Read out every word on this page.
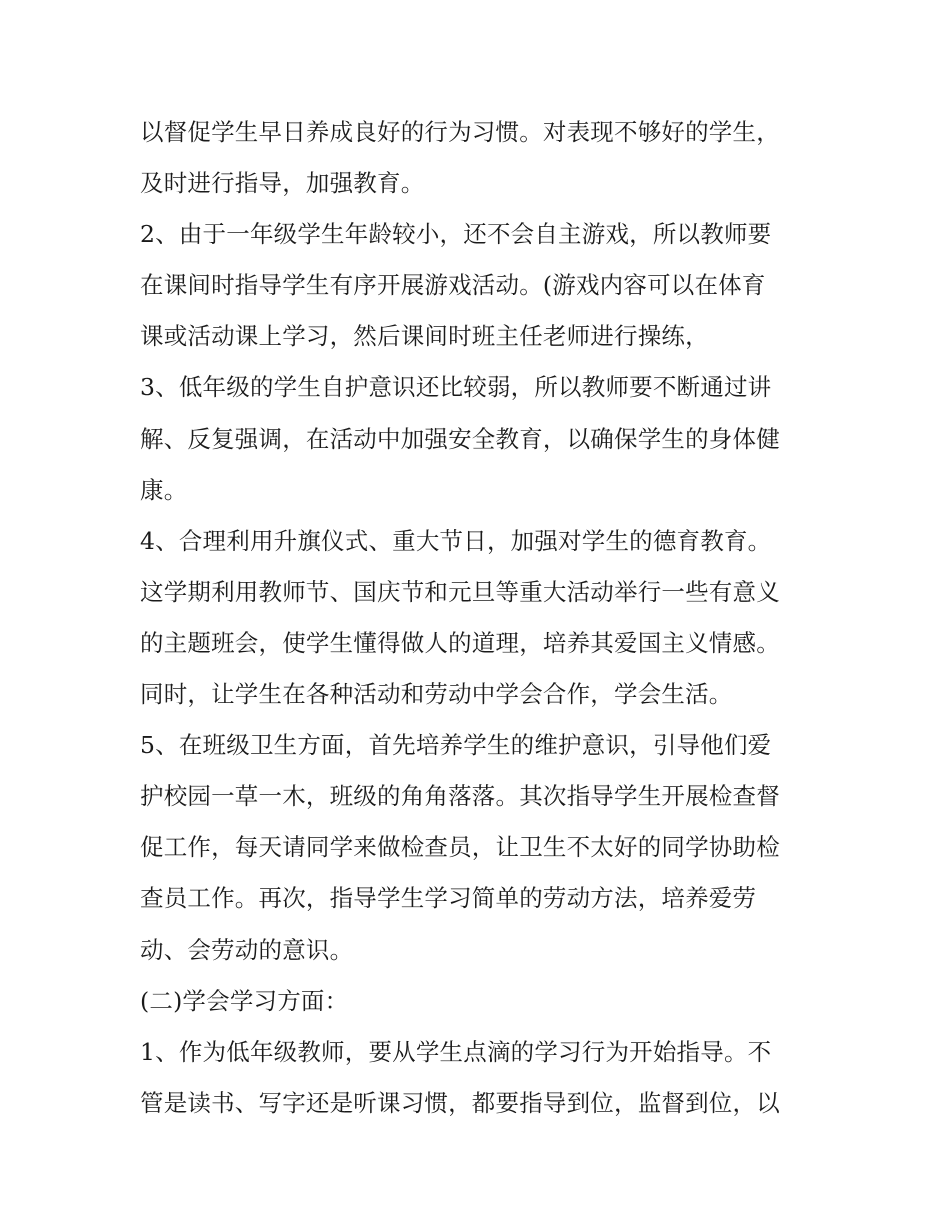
以督促学生早日养成良好的行为习惯。对表现不够好的学生，
及时进行指导，加强教育。
2、由于一年级学生年龄较小，还不会自主游戏，所以教师要
在课间时指导学生有序开展游戏活动。(游戏内容可以在体育
课或活动课上学习，然后课间时班主任老师进行操练，
3、低年级的学生自护意识还比较弱，所以教师要不断通过讲
解、反复强调，在活动中加强安全教育，以确保学生的身体健
康。
4、合理利用升旗仪式、重大节日，加强对学生的德育教育。
这学期利用教师节、国庆节和元旦等重大活动举行一些有意义
的主题班会，使学生懂得做人的道理，培养其爱国主义情感。
同时，让学生在各种活动和劳动中学会合作，学会生活。
5、在班级卫生方面，首先培养学生的维护意识，引导他们爱
护校园一草一木，班级的角角落落。其次指导学生开展检查督
促工作，每天请同学来做检查员，让卫生不太好的同学协助检
查员工作。再次，指导学生学习简单的劳动方法，培养爱劳
动、会劳动的意识。
(二)学会学习方面：
1、作为低年级教师，要从学生点滴的学习行为开始指导。不
管是读书、写字还是听课习惯，都要指导到位，监督到位，以
